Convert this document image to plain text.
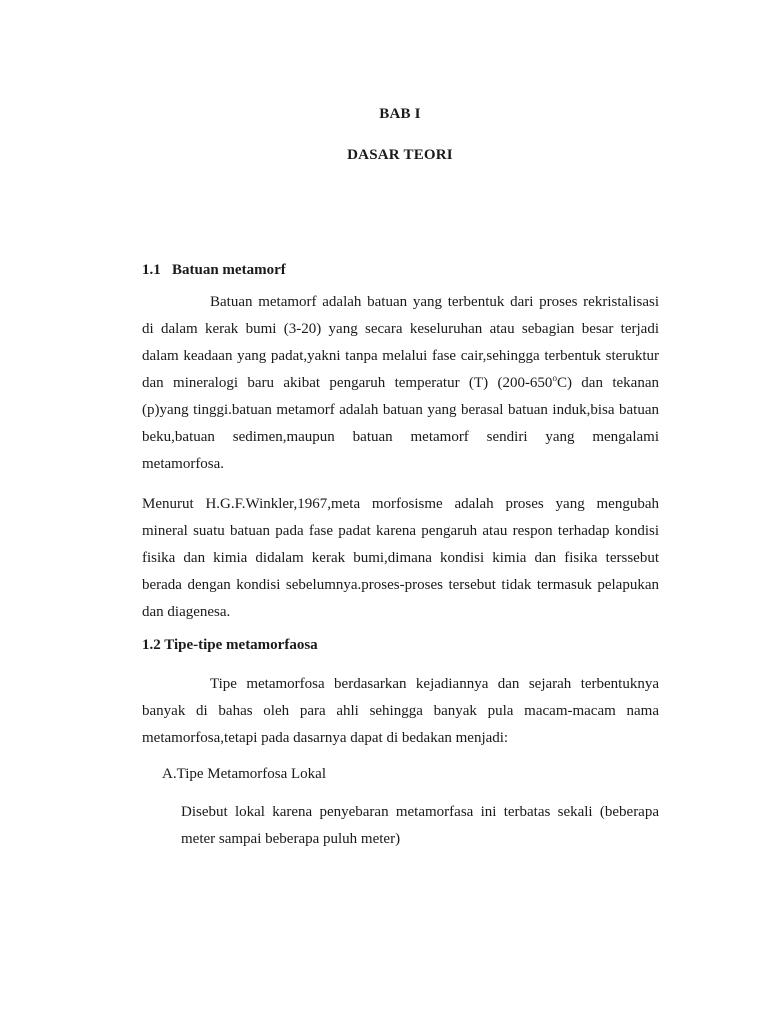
BAB I
DASAR TEORI
1.1 Batuan metamorf
Batuan metamorf adalah batuan yang terbentuk dari proses rekristalisasi
di dalam kerak bumi (3-20) yang secara keseluruhan atau sebagian besar terjadi
dalam keadaan yang padat,yakni tanpa melalui fase cair,sehingga terbentuk steruktur
dan mineralogi baru akibat pengaruh temperatur (T) (200-650$^o$C) dan tekanan
(p)yang tinggi.batuan metamorf adalah batuan yang berasal batuan induk,bisa batuan
beku,batuan sedimen,maupun batuan metamorf sendiri yang mengalami
metamorfosa.
Menurut H.G.F.Winkler,1967,meta morfosisme adalah proses yang mengubah
mineral suatu batuan pada fase padat karena pengaruh atau respon terhadap kondisi
fisika dan kimia didalam kerak bumi,dimana kondisi kimia dan fisika terssebut
berada dengan kondisi sebelumnya.proses-proses tersebut tidak termasuk pelapukan
dan diagenesa.
1.2 Tipe-tipe metamorfaosa
Tipe metamorfosa berdasarkan kejadiannya dan sejarah terbentuknya
banyak di bahas oleh para ahli sehingga banyak pula macam-macam nama
metamorfosa,tetapi pada dasarnya dapat di bedakan menjadi:
A.Tipe Metamorfosa Lokal
Disebut lokal karena penyebaran metamorfasa ini terbatas sekali (beberapa
meter sampai beberapa puluh meter)
